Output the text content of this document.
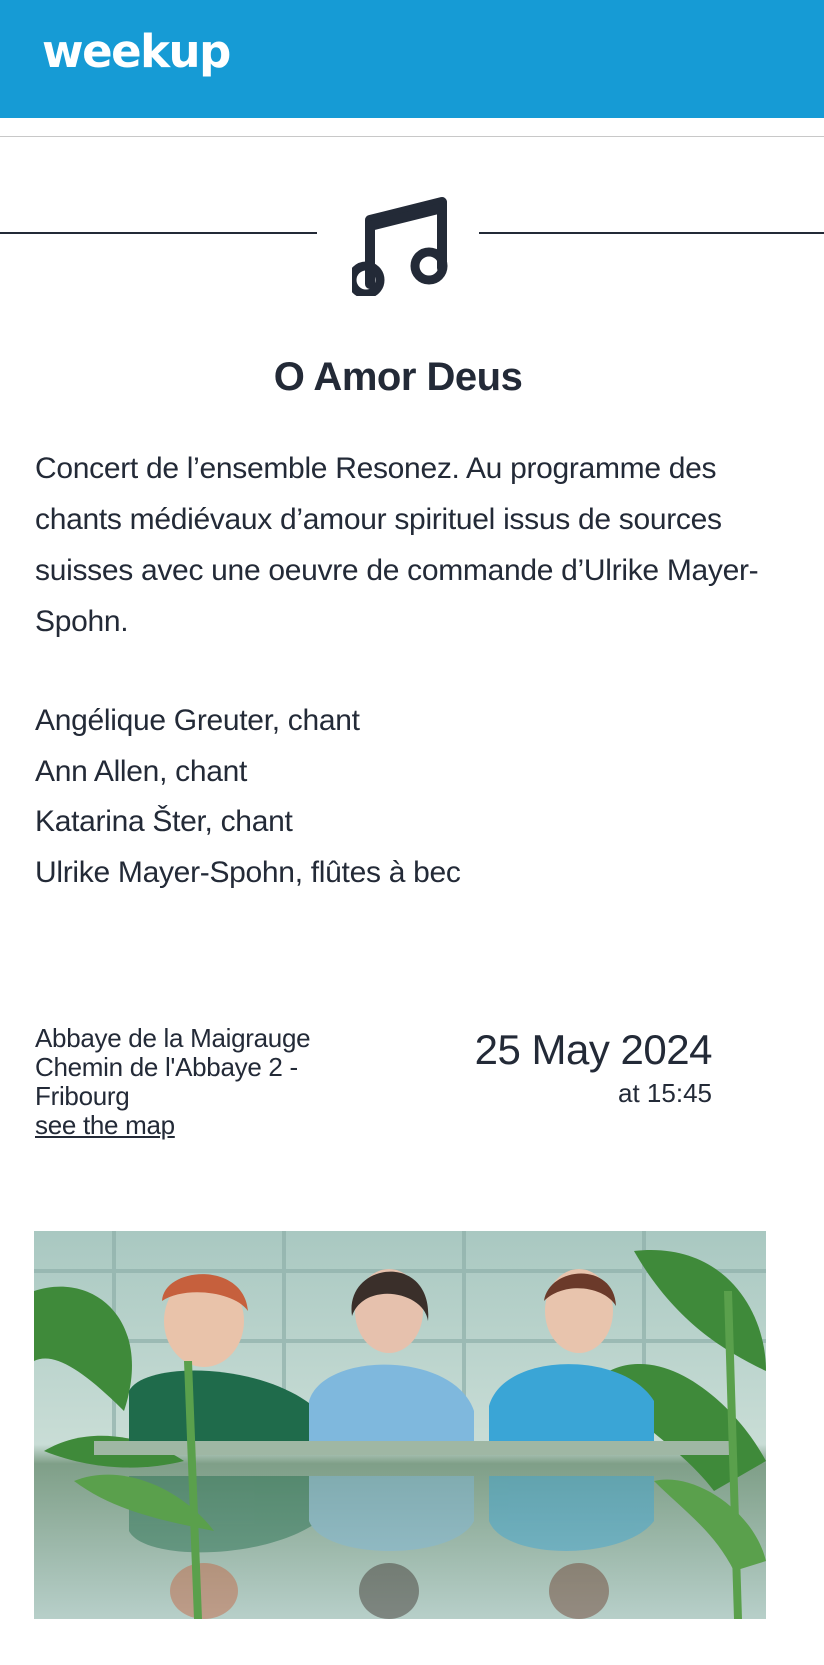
weekup
O Amor Deus

Concert de l’ensemble Resonez. Au programme des chants médiévaux d’amour spirituel issus de sources suisses avec une oeuvre de commande d’Ulrike Mayer-Spohn.

Angélique Greuter, chant
Ann Allen, chant
Katarina Šter, chant
Ulrike Mayer-Spohn, flûtes à bec
Abbaye de la Maigrauge
Chemin de l'Abbaye 2 -
Fribourg
see the map
25 May 2024
at 15:45
